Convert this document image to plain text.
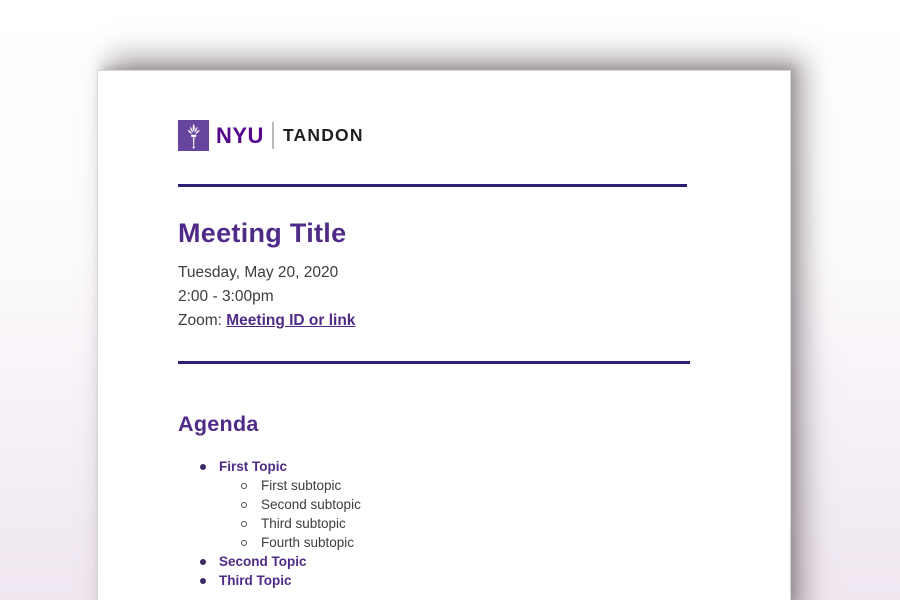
NYU TANDON
Meeting Title
Tuesday, May 20, 2020
2:00 - 3:00pm
Zoom: Meeting ID or link
Agenda
First Topic
First subtopic
Second subtopic
Third subtopic
Fourth subtopic
Second Topic
Third Topic
